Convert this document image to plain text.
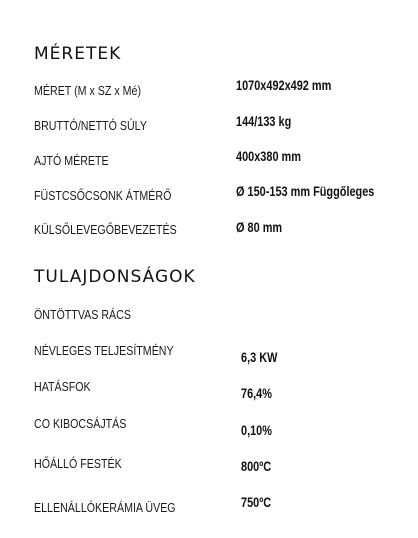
MÉRETEK
MÉRET (M x SZ x Mé)	1070x492x492 mm
BRUTTÓ/NETTÓ SÚLY	144/133 kg
AJTÓ MÉRETE	400x380 mm
FÜSTCSŐCSONK ÁTMÉRŐ	Ø 150-153 mm Függőleges
KÜLSŐLEVEGŐBEVEZETÉS	Ø 80 mm
TULAJDONSÁGOK
ÖNTÖTTVAS RÁCS
NÉVLEGES TELJESÍTMÉNY	6,3 KW
HATÁSFOK	76,4%
CO KIBOCSÁJTÁS	0,10%
HŐÁLLÓ FESTÉK	800ºC
ELLENÁLLÓKERÁMIA ÜVEG	750ºC
